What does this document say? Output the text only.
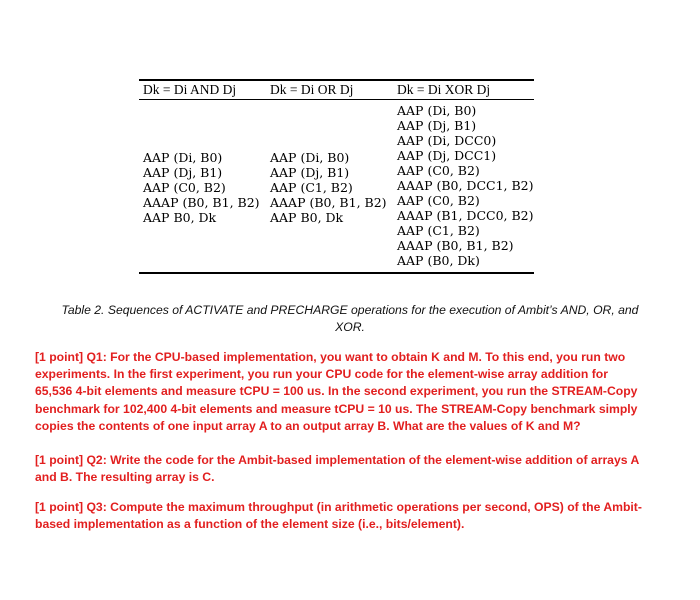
Dk = Di AND Dj	Dk = Di OR Dj	Dk = Di XOR Dj
AAP (Di, B0)
AAP (Dj, B1)
AAP (C0, B2)
AAAP (B0, B1, B2)
AAP B0, Dk
AAP (Di, B0)
AAP (Dj, B1)
AAP (C1, B2)
AAAP (B0, B1, B2)
AAP B0, Dk
AAP (Di, B0)
AAP (Dj, B1)
AAP (Di, DCC0)
AAP (Dj, DCC1)
AAP (C0, B2)
AAAP (B0, DCC1, B2)
AAP (C0, B2)
AAAP (B1, DCC0, B2)
AAP (C1, B2)
AAAP (B0, B1, B2)
AAP (B0, Dk)
Table 2. Sequences of ACTIVATE and PRECHARGE operations for the execution of Ambit’s AND, OR, and XOR.
[1 point] Q1: For the CPU-based implementation, you want to obtain K and M. To this end, you run two experiments. In the first experiment, you run your CPU code for the element-wise array addition for 65,536 4-bit elements and measure tCPU = 100 us. In the second experiment, you run the STREAM-Copy benchmark for 102,400 4-bit elements and measure tCPU = 10 us. The STREAM-Copy benchmark simply copies the contents of one input array A to an output array B. What are the values of K and M?
[1 point] Q2: Write the code for the Ambit-based implementation of the element-wise addition of arrays A and B. The resulting array is C.
[1 point] Q3: Compute the maximum throughput (in arithmetic operations per second, OPS) of the Ambit-based implementation as a function of the element size (i.e., bits/element).
